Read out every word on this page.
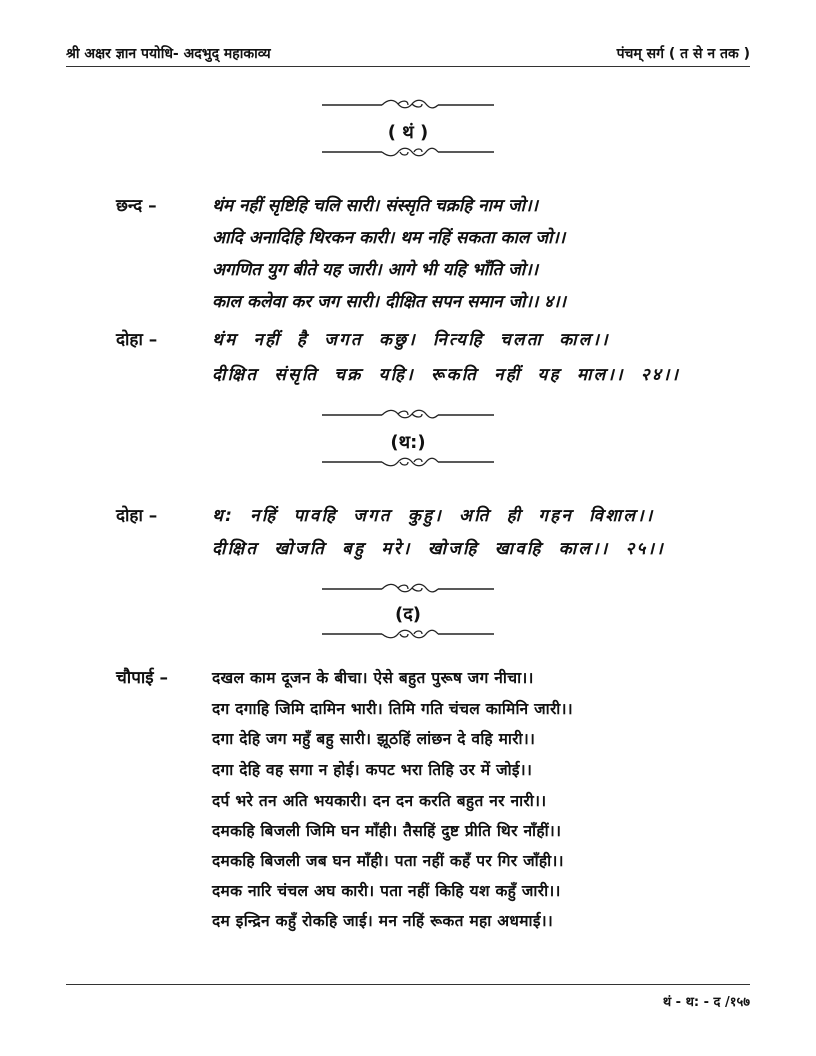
श्री अक्षर ज्ञान पयोधि- अदभुद् महाकाव्य	पंचम् सर्ग ( त से न तक )
( थं )
छन्द –	थंम नहीं सृष्टिहि चलि सारी। संस्सृति चक्रहि नाम जो।।
आदि अनादिहि थिरकन कारी। थम नहिं सकता काल जो।।
अगणित युग बीते यह जारी। आगे भी यहि भाँति जो।।
काल कलेवा कर जग सारी। दीक्षित सपन समान जो।। ४।।
दोहा –	थंम नहीं है जगत कछु। नित्यहि चलता काल।।
दीक्षित संसृति चक्र यहि। रूकति नहीं यह माल।। २४।।
(थ:)
दोहा –	थ: नहिं पावहि जगत कुहु। अति ही गहन विशाल।।
दीक्षित खोजति बहु मरे। खोजहि खावहि काल।। २५।।
(द)
चौपाई –	दखल काम दूजन के बीचा। ऐसे बहुत पुरूष जग नीचा।।
दग दगाहि जिमि दामिन भारी। तिमि गति चंचल कामिनि जारी।।
दगा देहि जग महुँ बहु सारी। झूठहिं लांछन दे वहि मारी।।
दगा देहि वह सगा न होई। कपट भरा तिहि उर में जोई।।
दर्प भरे तन अति भयकारी। दन दन करति बहुत नर नारी।।
दमकहि बिजली जिमि घन माँही। तैसहिं दुष्ट प्रीति थिर नाँहीं।।
दमकहि बिजली जब घन माँही। पता नहीं कहँ पर गिर जाँही।।
दमक नारि चंचल अघ कारी। पता नहीं किहि यश कहुँ जारी।।
दम इन्द्रिन कहुँ रोकहि जाई। मन नहिं रूकत महा अधमाई।।
थं - थ: - द /१५७
